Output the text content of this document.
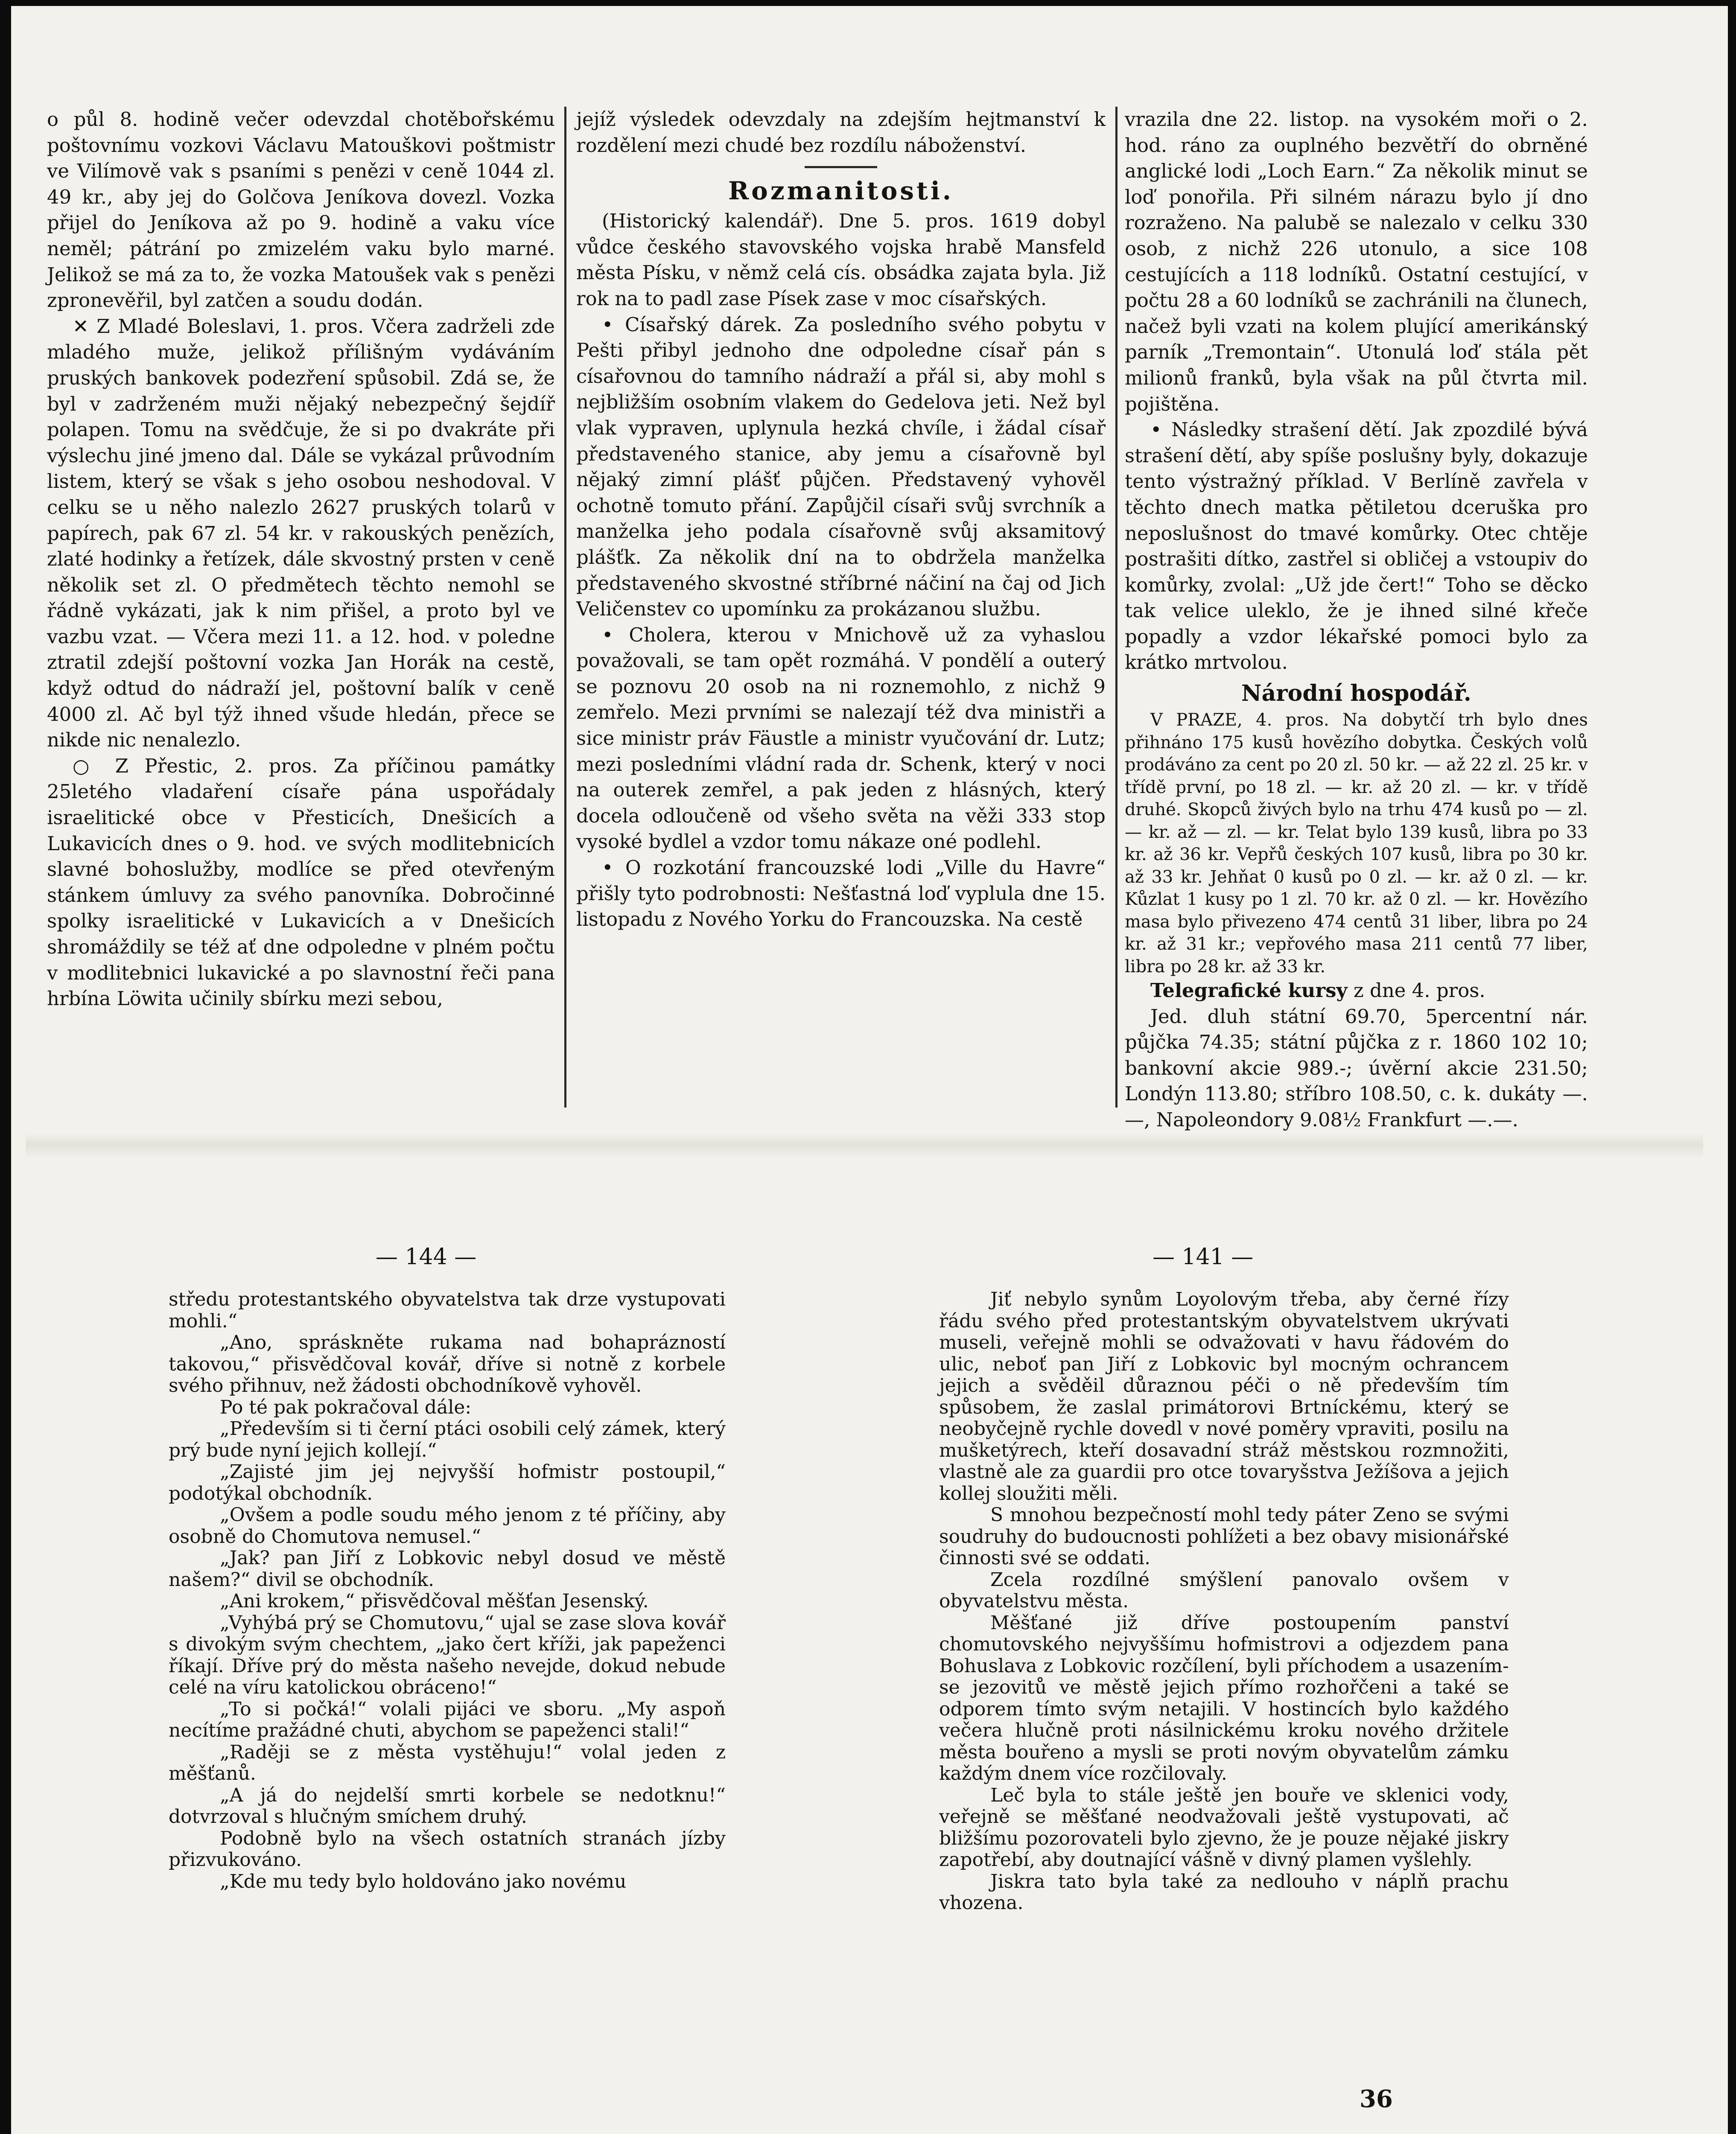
o půl 8. hodině večer odevzdal chotěbořskému poštovnímu vozkovi Václavu Matouškovi poštmistr ve Vilímově vak s psaními s penězi v ceně 1044 zl. 49 kr., aby jej do Golčova Jeníkova dovezl. Vozka přijel do Jeníkova až po 9. hodině a vaku více neměl; pátrání po zmizelém vaku bylo marné. Jelikož se má za to, že vozka Matoušek vak s penězi zpronevěřil, byl zatčen a soudu dodán.

✕ Z Mladé Boleslavi, 1. pros. Včera zadrželi zde mladého muže, jelikož přílišným vydáváním pruských bankovek podezření spůsobil. Zdá se, že byl v zadrženém muži nějaký nebezpečný šejdíř polapen. Tomu na svědčuje, že si po dvakráte při výslechu jiné jmeno dal. Dále se vykázal průvodním listem, který se však s jeho osobou neshodoval. V celku se u něho nalezlo 2627 pruských tolarů v papírech, pak 67 zl. 54 kr. v rakouských penězích, zlaté hodinky a řetízek, dále skvostný prsten v ceně několik set zl. O předmětech těchto nemohl se řádně vykázati, jak k nim přišel, a proto byl ve vazbu vzat. — Včera mezi 11. a 12. hod. v poledne ztratil zdejší poštovní vozka Jan Horák na cestě, když odtud do nádraží jel, poštovní balík v ceně 4000 zl. Ač byl týž ihned všude hledán, přece se nikde nic nenalezlo.

○ Z Přestic, 2. pros. Za příčinou památky 25letého vladaření císaře pána uspořádaly israelitické obce v Přesticích, Dnešicích a Lukavicích dnes o 9. hod. ve svých modlitebnicích slavné bohoslužby, modlíce se před otevřeným stánkem úmluvy za svého panovníka. Dobročinné spolky israelitické v Lukavicích a v Dnešicích shromáždily se též ať dne odpoledne v plném počtu v modlitebnici lukavické a po slavnostní řeči pana hrbína Löwita učinily sbírku mezi sebou,

jejíž výsledek odevzdaly na zdejším hejtmanství k rozdělení mezi chudé bez rozdílu náboženství.

Rozmanitosti.

(Historický kalendář). Dne 5. pros. 1619 dobyl vůdce českého stavovského vojska hrabě Mansfeld města Písku, v němž celá cís. obsádka zajata byla. Již rok na to padl zase Písek zase v moc císařských.

• Císařský dárek. Za posledního svého pobytu v Pešti přibyl jednoho dne odpoledne císař pán s císařovnou do tamního nádraží a přál si, aby mohl s nejbližším osobním vlakem do Gedelova jeti. Než byl vlak vypraven, uplynula hezká chvíle, i žádal císař představeného stanice, aby jemu a císařovně byl nějaký zimní plášť půjčen. Představený vyhověl ochotně tomuto přání. Zapůjčil císaři svůj svrchník a manželka jeho podala císařovně svůj aksamitový plášťk. Za několik dní na to obdržela manželka představeného skvostné stříbrné náčiní na čaj od Jich Veličenstev co upomínku za prokázanou službu.

• Cholera, kterou v Mnichově už za vyhaslou považovali, se tam opět rozmáhá. V pondělí a outerý se poznovu 20 osob na ni roznemohlo, z nichž 9 zemřelo. Mezi prvními se nalezají též dva ministři a sice ministr práv Fäustle a ministr vyučování dr. Lutz; mezi posledními vládní rada dr. Schenk, který v noci na outerek zemřel, a pak jeden z hlásných, který docela odloučeně od všeho světa na věži 333 stop vysoké bydlel a vzdor tomu nákaze oné podlehl.

• O rozkotání francouzské lodi „Ville du Havre“ přišly tyto podrobnosti: Nešťastná loď vyplula dne 15. listopadu z Nového Yorku do Francouzska. Na cestě

vrazila dne 22. listop. na vysokém moři o 2. hod. ráno za ouplného bezvětří do obrněné anglické lodi „Loch Earn.“ Za několik minut se loď ponořila. Při silném nárazu bylo jí dno rozraženo. Na palubě se nalezalo v celku 330 osob, z nichž 226 utonulo, a sice 108 cestujících a 118 lodníků. Ostatní cestující, v počtu 28 a 60 lodníků se zachránili na člunech, načež byli vzati na kolem plující amerikánský parník „Tremontain“. Utonulá loď stála pět milionů franků, byla však na půl čtvrta mil. pojištěna.

• Následky strašení dětí. Jak zpozdilé bývá strašení dětí, aby spíše poslušny byly, dokazuje tento výstražný příklad. V Berlíně zavřela v těchto dnech matka pětiletou dceruška pro neposlušnost do tmavé komůrky. Otec chtěje postrašiti dítko, zastřel si obličej a vstoupiv do komůrky, zvolal: „Už jde čert!“ Toho se děcko tak velice uleklo, že je ihned silné křeče popadly a vzdor lékařské pomoci bylo za krátko mrtvolou.

Národní hospodář.

V PRAZE, 4. pros. Na dobytčí trh bylo dnes přihnáno 175 kusů hovězího dobytka. Českých volů prodáváno za cent po 20 zl. 50 kr. — až 22 zl. 25 kr. v třídě první, po 18 zl. — kr. až 20 zl. — kr. v třídě druhé. Skopců živých bylo na trhu 474 kusů po — zl. — kr. až — zl. — kr. Telat bylo 139 kusů, libra po 33 kr. až 36 kr. Vepřů českých 107 kusů, libra po 30 kr. až 33 kr. Jehňat 0 kusů po 0 zl. — kr. až 0 zl. — kr. Kůzlat 1 kusy po 1 zl. 70 kr. až 0 zl. — kr. Hovězího masa bylo přivezeno 474 centů 31 liber, libra po 24 kr. až 31 kr.; vepřového masa 211 centů 77 liber, libra po 28 kr. až 33 kr.

Telegrafické kursy z dne 4. pros.

Jed. dluh státní 69.70, 5percentní nár. půjčka 74.35; státní půjčka z r. 1860 102 10; bankovní akcie 989.-; úvěrní akcie 231.50; Londýn 113.80; stříbro 108.50, c. k. dukáty —.—, Napoleondory 9.08½ Frankfurt —.—.

— 144 —	— 141 —

středu protestantského obyvatelstva tak drze vystupovati mohli.“

„Ano, spráskněte rukama nad bohaprázností takovou,“ přisvědčoval kovář, dříve si notně z korbele svého přihnuv, než žádosti obchodníkově vyhověl.

Po té pak pokračoval dále:

„Především si ti černí ptáci osobili celý zámek, který prý bude nyní jejich kollejí.“

„Zajisté jim jej nejvyšší hofmistr postoupil,“ podotýkal obchodník.

„Ovšem a podle soudu mého jenom z té příčiny, aby osobně do Chomutova nemusel.“

„Jak? pan Jiří z Lobkovic nebyl dosud ve městě našem?“ divil se obchodník.

„Ani krokem,“ přisvědčoval měšťan Jesenský.

„Vyhýbá prý se Chomutovu,“ ujal se zase slova kovář s divokým svým chechtem, „jako čert kříži, jak papeženci říkají. Dříve prý do města našeho nevejde, dokud nebude celé na víru katolickou obráceno!“

„To si počká!“ volali pijáci ve sboru. „My aspoň necítíme pražádné chuti, abychom se papeženci stali!“

„Raději se z města vystěhuju!“ volal jeden z měšťanů.

„A já do nejdelší smrti korbele se nedotknu!“ dotvrzoval s hlučným smíchem druhý.

Podobně bylo na všech ostatních stranách jízby přizvukováno.

„Kde mu tedy bylo holdováno jako novému

Jiť nebylo synům Loyolovým třeba, aby černé řízy řádu svého před protestantským obyvatelstvem ukrývati museli, veřejně mohli se odvažovati v havu řádovém do ulic, neboť pan Jiří z Lobkovic byl mocným ochrancem jejich a svěděil důraznou péči o ně především tím spůsobem, že zaslal primátorovi Brtníckému, který se neobyčejně rychle dovedl v nové poměry vpraviti, posilu na mušketýrech, kteří dosavadní stráž městskou rozmnožiti, vlastně ale za guardii pro otce tovaryšstva Ježíšova a jejich kollej sloužiti měli.

S mnohou bezpečností mohl tedy páter Zeno se svými soudruhy do budoucnosti pohlížeti a bez obavy misionářské činnosti své se oddati.

Zcela rozdílné smýšlení panovalo ovšem v obyvatelstvu města.

Měšťané již dříve postoupením panství chomutovského nejvyššímu hofmistrovi a odjezdem pana Bohuslava z Lobkovic rozčílení, byli příchodem a usazením-se jezovitů ve městě jejich přímo rozhořčeni a také se odporem tímto svým netajili. V hostincích bylo každého večera hlučně proti násilnickému kroku nového držitele města bouřeno a mysli se proti novým obyvatelům zámku každým dnem více rozčilovaly.

Leč byla to stále ještě jen bouře ve sklenici vody, veřejně se měšťané neodvažovali ještě vystupovati, ač bližšímu pozorovateli bylo zjevno, že je pouze nějaké jiskry zapotřebí, aby doutnající vášně v divný plamen vyšlehly.

Jiskra tato byla také za nedlouho v náplň prachu vhozena.

36
